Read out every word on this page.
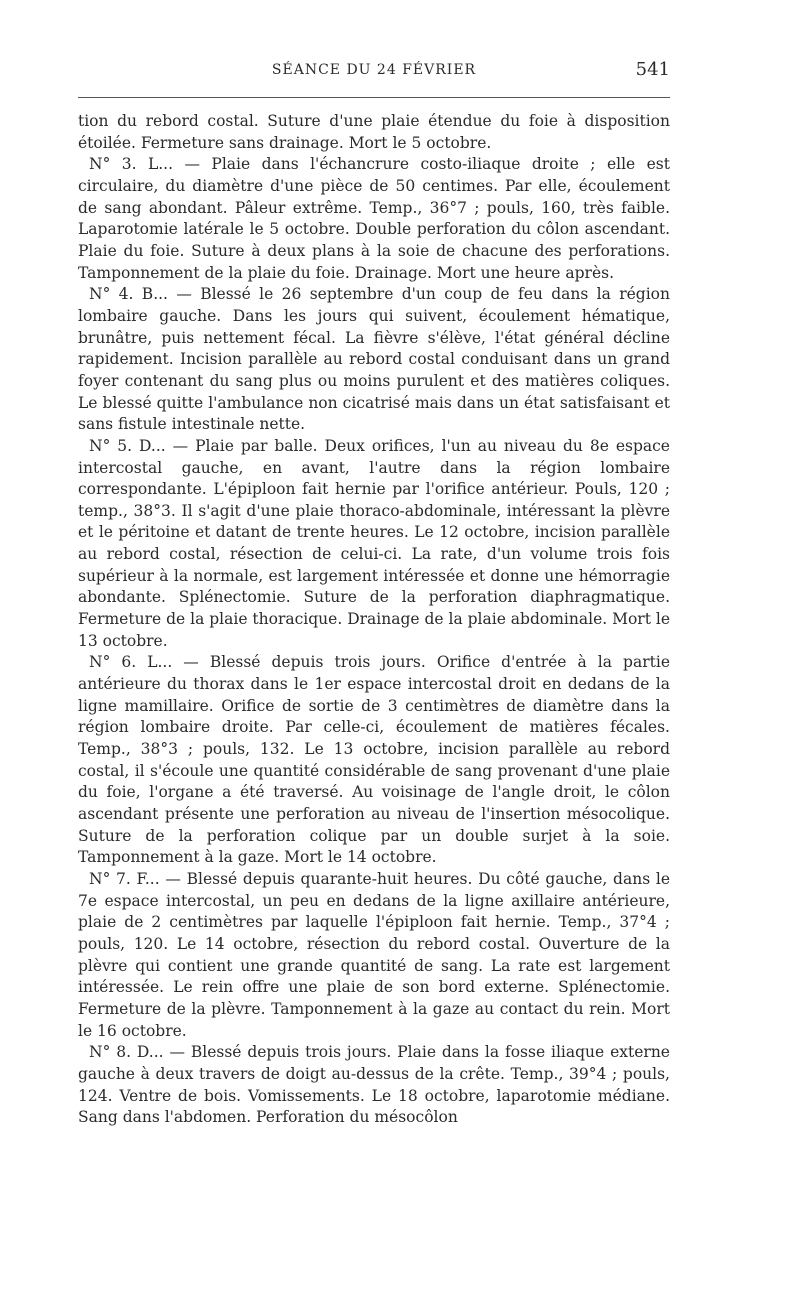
SÉANCE DU 24 FÉVRIER	541

tion du rebord costal. Suture d'une plaie étendue du foie à disposition étoilée. Fermeture sans drainage. Mort le 5 octobre.

N° 3. L... — Plaie dans l'échancrure costo-iliaque droite ; elle est circulaire, du diamètre d'une pièce de 50 centimes. Par elle, écoulement de sang abondant. Pâleur extrême. Temp., 36°7 ; pouls, 160, très faible. Laparotomie latérale le 5 octobre. Double perforation du côlon ascendant. Plaie du foie. Suture à deux plans à la soie de chacune des perforations. Tamponnement de la plaie du foie. Drainage. Mort une heure après.

N° 4. B... — Blessé le 26 septembre d'un coup de feu dans la région lombaire gauche. Dans les jours qui suivent, écoulement hématique, brunâtre, puis nettement fécal. La fièvre s'élève, l'état général décline rapidement. Incision parallèle au rebord costal conduisant dans un grand foyer contenant du sang plus ou moins purulent et des matières coliques. Le blessé quitte l'ambulance non cicatrisé mais dans un état satisfaisant et sans fistule intestinale nette.

N° 5. D... — Plaie par balle. Deux orifices, l'un au niveau du 8e espace intercostal gauche, en avant, l'autre dans la région lombaire correspondante. L'épiploon fait hernie par l'orifice antérieur. Pouls, 120 ; temp., 38°3. Il s'agit d'une plaie thoraco-abdominale, intéressant la plèvre et le péritoine et datant de trente heures. Le 12 octobre, incision parallèle au rebord costal, résection de celui-ci. La rate, d'un volume trois fois supérieur à la normale, est largement intéressée et donne une hémorragie abondante. Splénectomie. Suture de la perforation diaphragmatique. Fermeture de la plaie thoracique. Drainage de la plaie abdominale. Mort le 13 octobre.

N° 6. L... — Blessé depuis trois jours. Orifice d'entrée à la partie antérieure du thorax dans le 1er espace intercostal droit en dedans de la ligne mamillaire. Orifice de sortie de 3 centimètres de diamètre dans la région lombaire droite. Par celle-ci, écoulement de matières fécales. Temp., 38°3 ; pouls, 132. Le 13 octobre, incision parallèle au rebord costal, il s'écoule une quantité considérable de sang provenant d'une plaie du foie, l'organe a été traversé. Au voisinage de l'angle droit, le côlon ascendant présente une perforation au niveau de l'insertion mésocolique. Suture de la perforation colique par un double surjet à la soie. Tamponnement à la gaze. Mort le 14 octobre.

N° 7. F... — Blessé depuis quarante-huit heures. Du côté gauche, dans le 7e espace intercostal, un peu en dedans de la ligne axillaire antérieure, plaie de 2 centimètres par laquelle l'épiploon fait hernie. Temp., 37°4 ; pouls, 120. Le 14 octobre, résection du rebord costal. Ouverture de la plèvre qui contient une grande quantité de sang. La rate est largement intéressée. Le rein offre une plaie de son bord externe. Splénectomie. Fermeture de la plèvre. Tamponnement à la gaze au contact du rein. Mort le 16 octobre.

N° 8. D... — Blessé depuis trois jours. Plaie dans la fosse iliaque externe gauche à deux travers de doigt au-dessus de la crête. Temp., 39°4 ; pouls, 124. Ventre de bois. Vomissements. Le 18 octobre, laparotomie médiane. Sang dans l'abdomen. Perforation du mésocôlon
